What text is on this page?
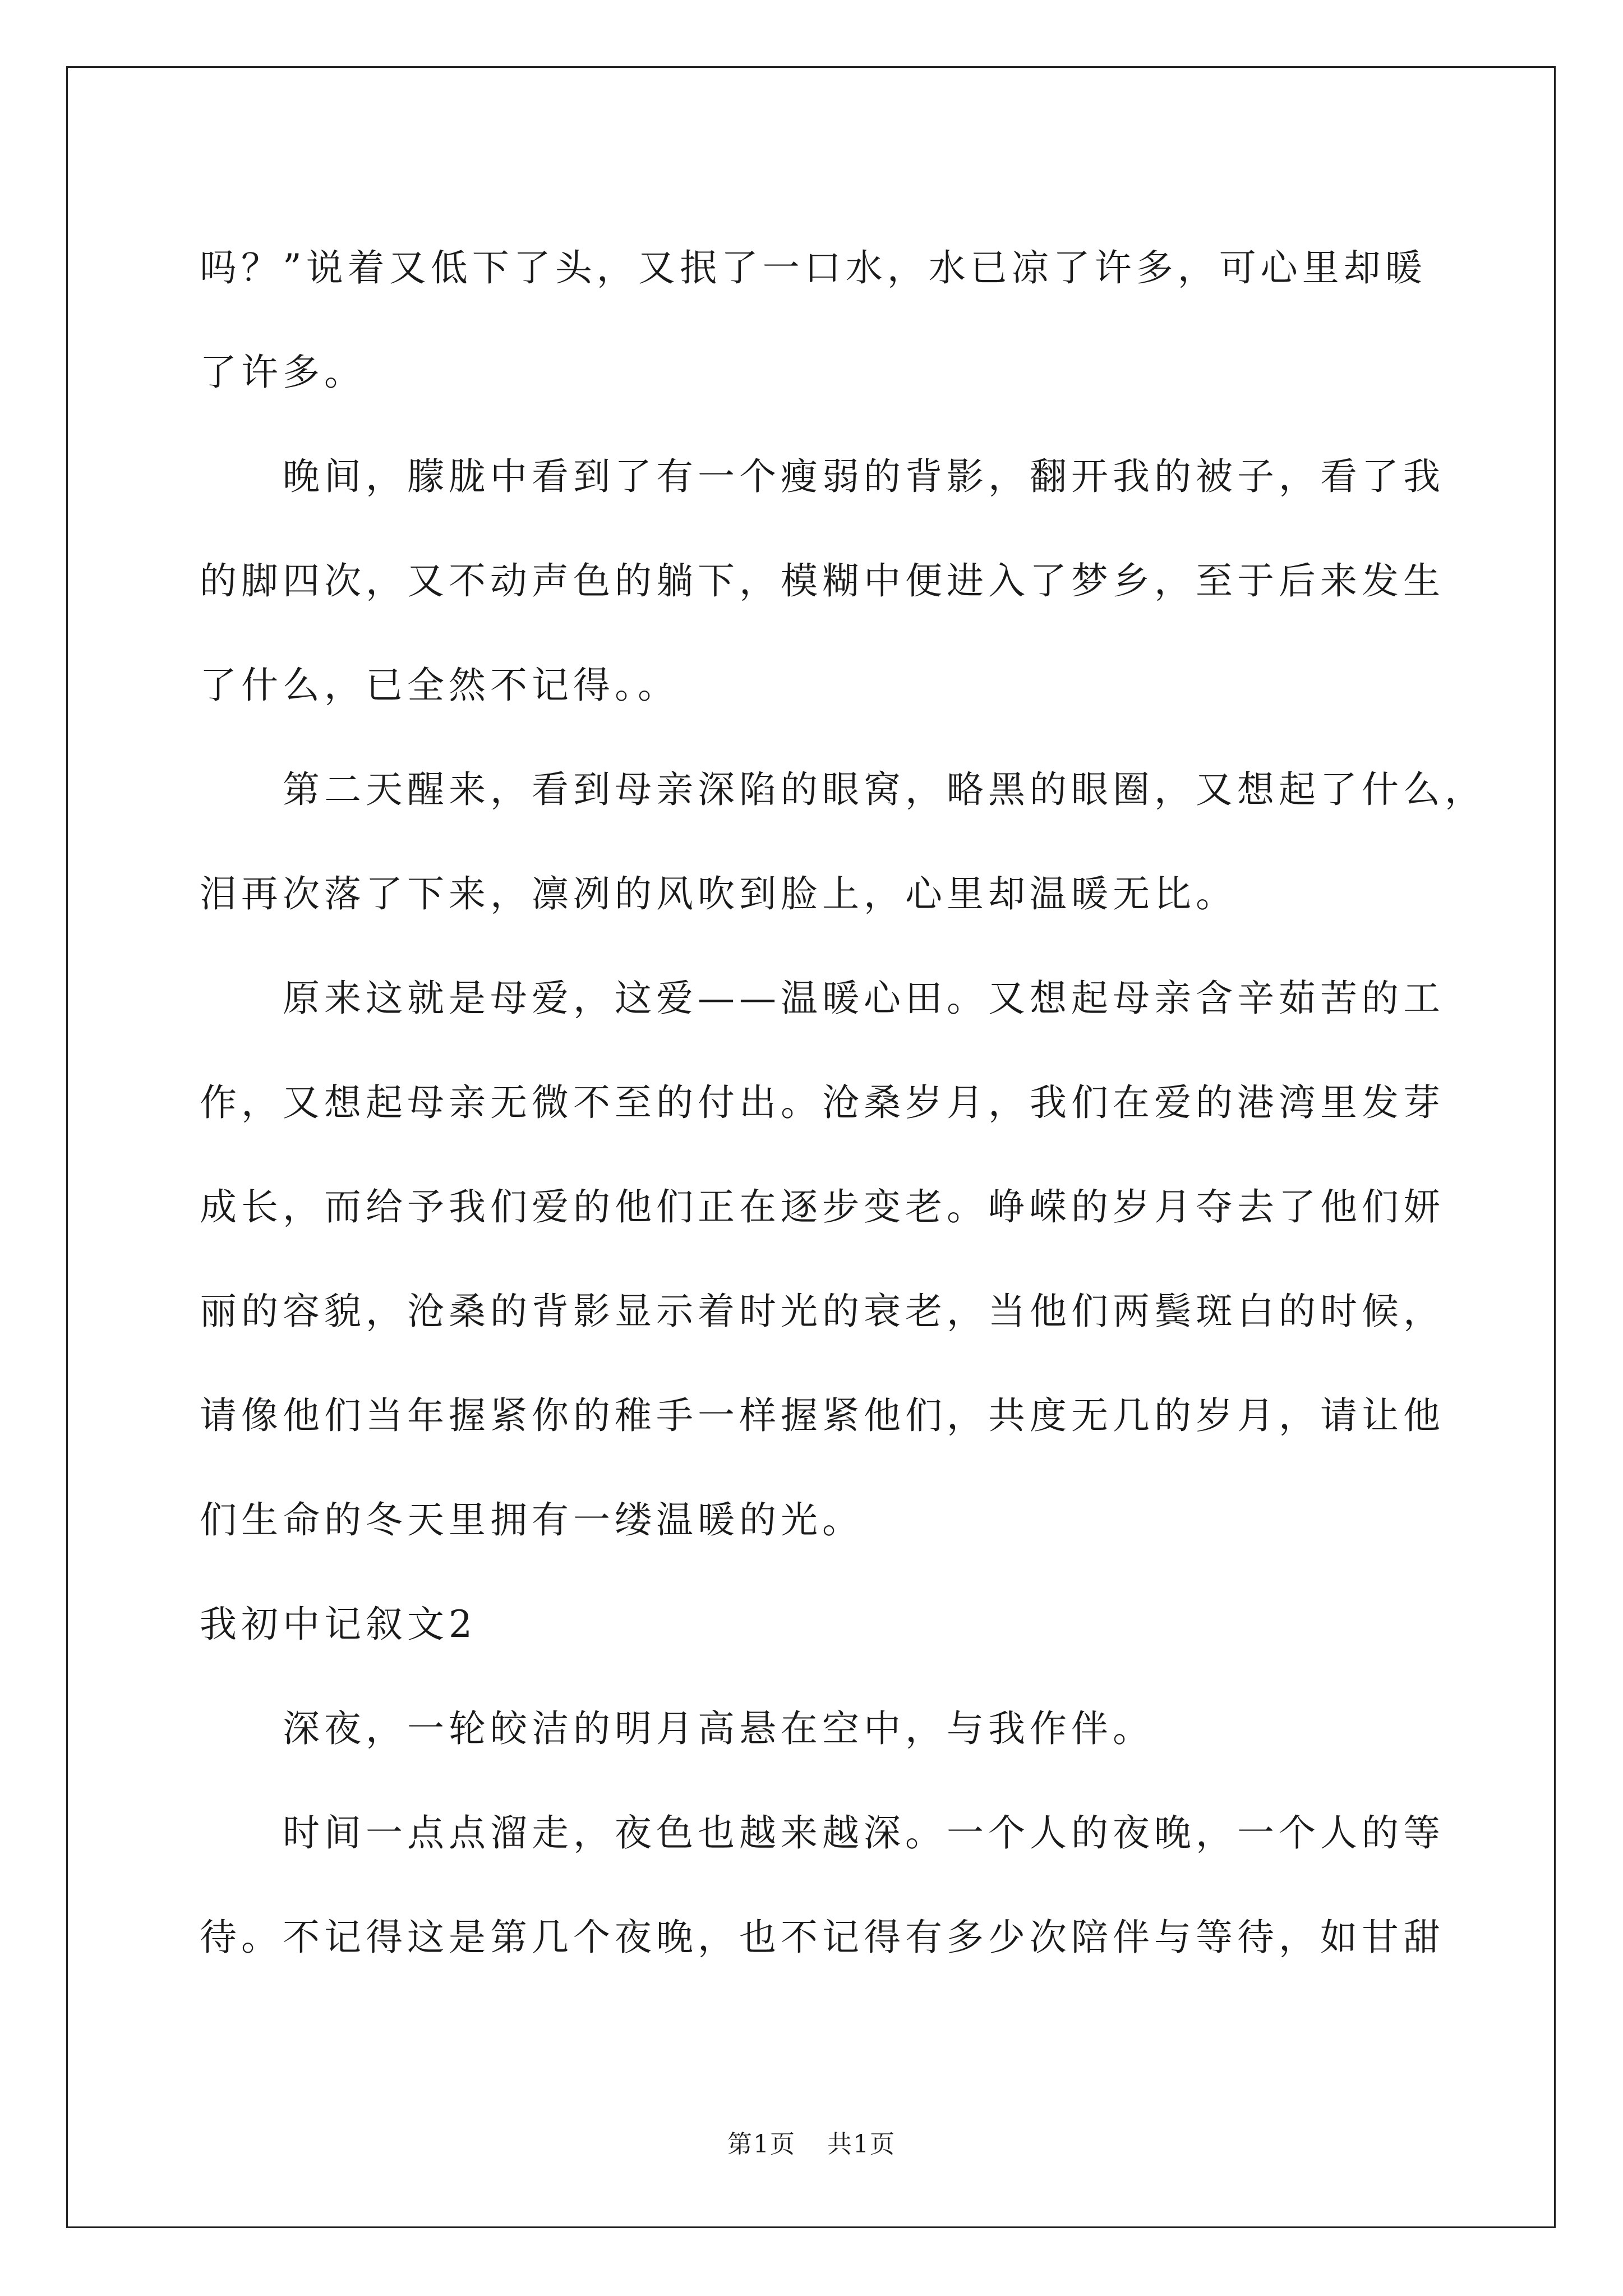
吗？”说着又低下了头，又抿了一口水，水已凉了许多，可心里却暖
了许多。
晚间，朦胧中看到了有一个瘦弱的背影，翻开我的被子，看了我
的脚四次，又不动声色的躺下，模糊中便进入了梦乡，至于后来发生
了什么，已全然不记得。。
第二天醒来，看到母亲深陷的眼窝，略黑的眼圈，又想起了什么，
泪再次落了下来，凛冽的风吹到脸上，心里却温暖无比。
原来这就是母爱，这爱——温暖心田。又想起母亲含辛茹苦的工
作，又想起母亲无微不至的付出。沧桑岁月，我们在爱的港湾里发芽
成长，而给予我们爱的他们正在逐步变老。峥嵘的岁月夺去了他们妍
丽的容貌，沧桑的背影显示着时光的衰老，当他们两鬓斑白的时候，
请像他们当年握紧你的稚手一样握紧他们，共度无几的岁月，请让他
们生命的冬天里拥有一缕温暖的光。
我初中记叙文2
深夜，一轮皎洁的明月高悬在空中，与我作伴。
时间一点点溜走，夜色也越来越深。一个人的夜晚，一个人的等
待。不记得这是第几个夜晚，也不记得有多少次陪伴与等待，如甘甜
第1页 共1页
